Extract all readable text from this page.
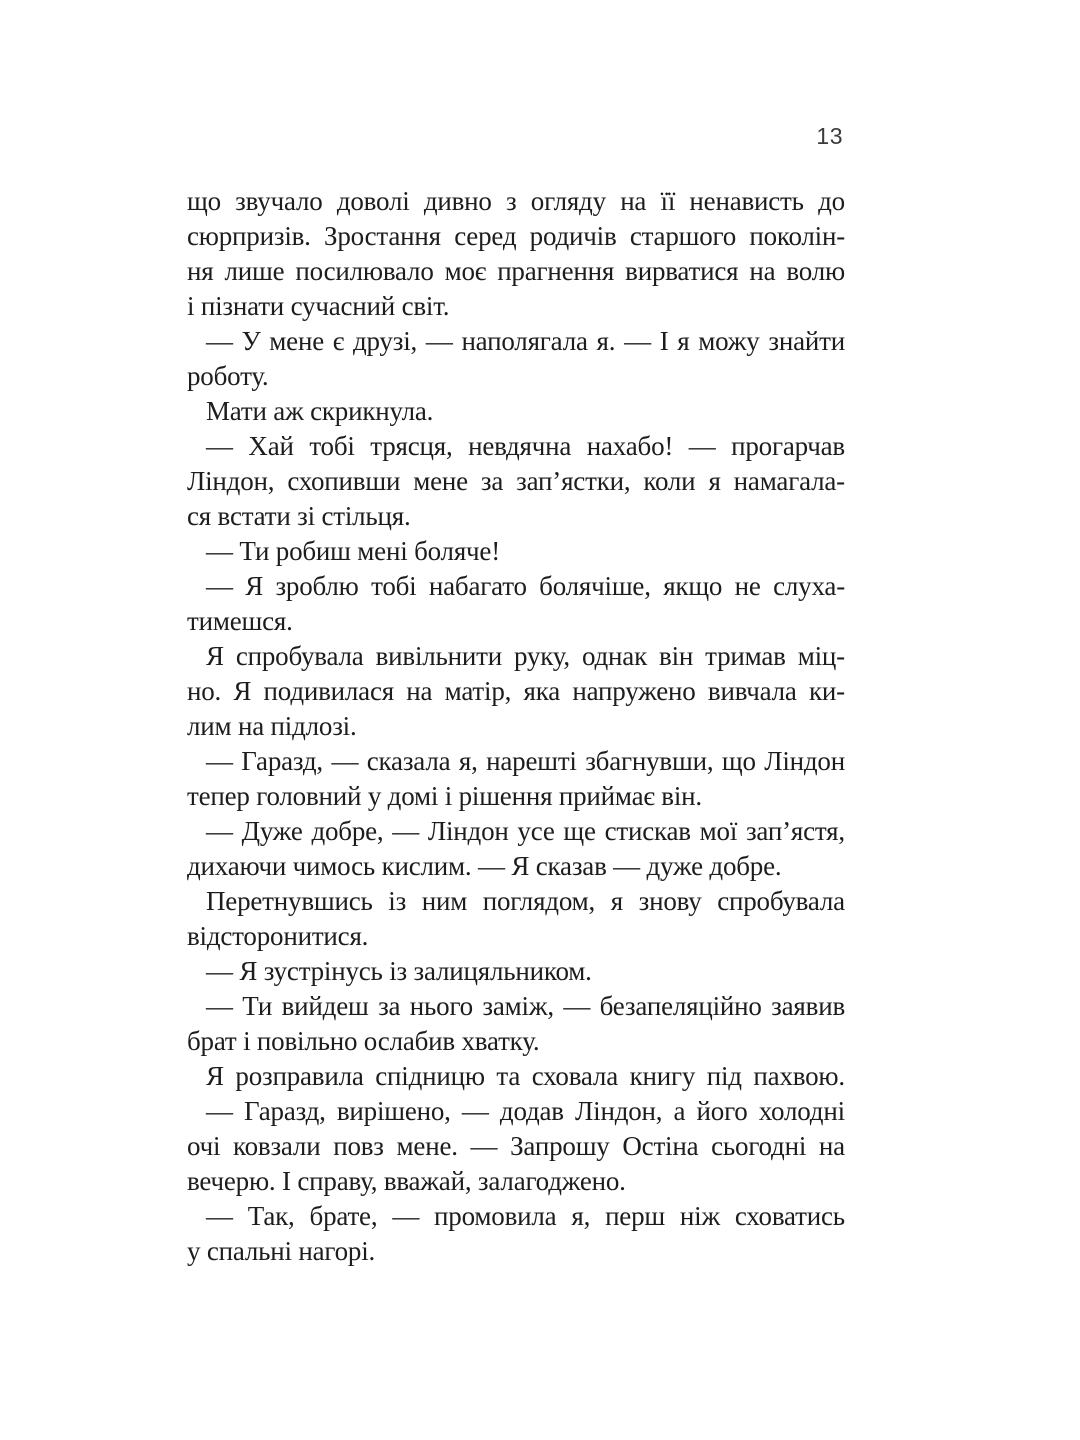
13
що звучало доволі дивно з огляду на її ненависть до
сюрпризів. Зростання серед родичів старшого поколін-
ня лише посилювало моє прагнення вирватися на волю
і пізнати сучасний світ.
— У мене є друзі, — наполягала я. — І я можу знайти
роботу.
Мати аж скрикнула.
— Хай тобі трясця, невдячна нахабо! — прогарчав
Ліндон, схопивши мене за зап’ястки, коли я намагала-
ся встати зі стільця.
— Ти робиш мені боляче!
— Я зроблю тобі набагато болячіше, якщо не слуха-
тимешся.
Я спробувала вивільнити руку, однак він тримав міц-
но. Я подивилася на матір, яка напружено вивчала ки-
лим на підлозі.
— Гаразд, — сказала я, нарешті збагнувши, що Ліндон
тепер головний у домі і рішення приймає він.
— Дуже добре, — Ліндон усе ще стискав мої зап’ястя,
дихаючи чимось кислим. — Я сказав — дуже добре.
Перетнувшись із ним поглядом, я знову спробувала
відсторонитися.
— Я зустрінусь із залицяльником.
— Ти вийдеш за нього заміж, — безапеляційно заявив
брат і повільно ослабив хватку.
Я розправила спідницю та сховала книгу під пахвою.
— Гаразд, вирішено, — додав Ліндон, а його холодні
очі ковзали повз мене. — Запрошу Остіна сьогодні на
вечерю. І справу, вважай, залагоджено.
— Так, брате, — промовила я, перш ніж сховатись
у спальні нагорі.
